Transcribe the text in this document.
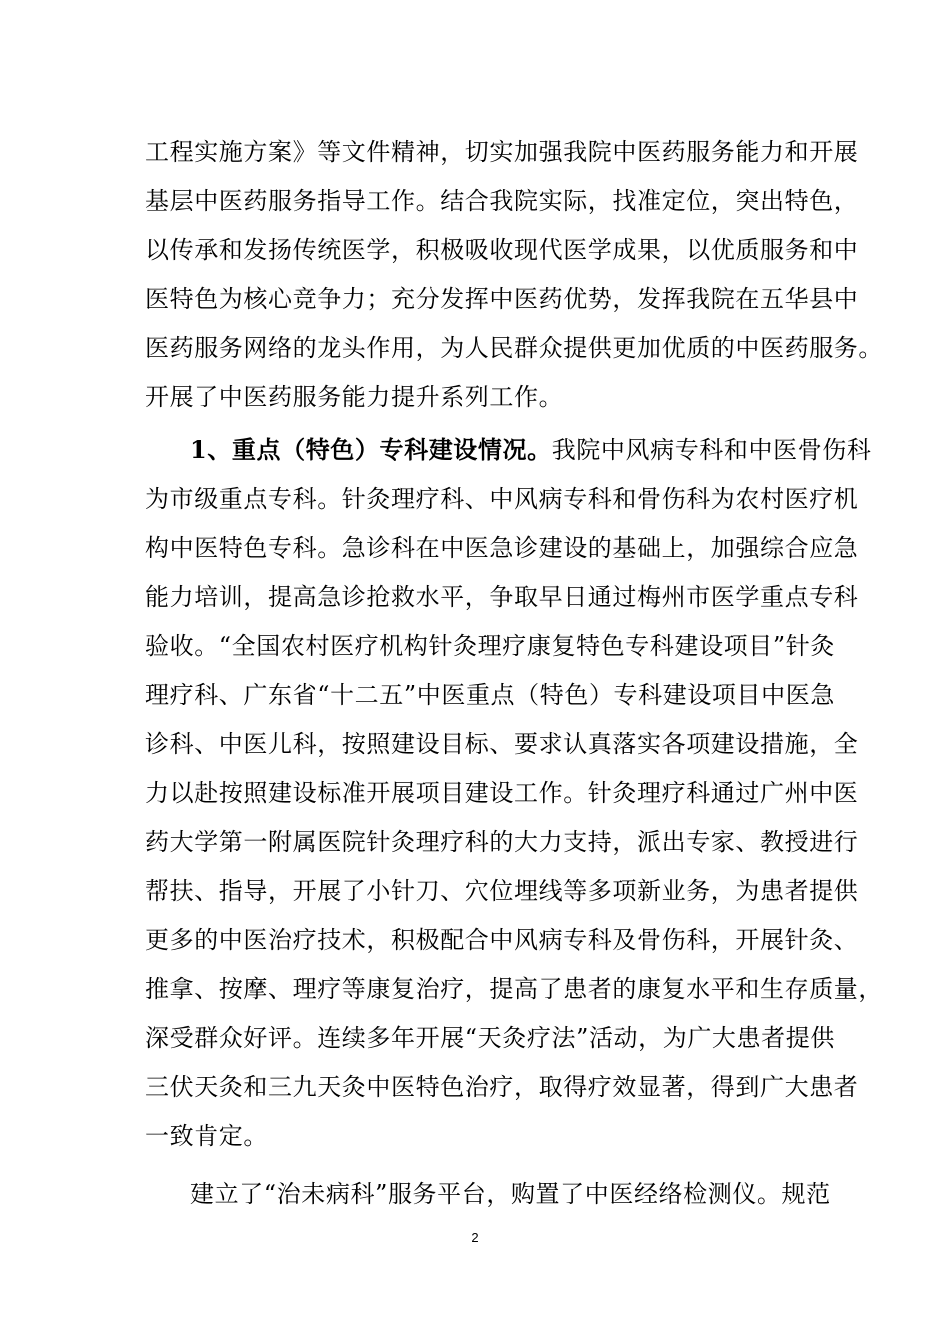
工程实施方案》等文件精神，切实加强我院中医药服务能力和开展
基层中医药服务指导工作。结合我院实际，找准定位，突出特色，
以传承和发扬传统医学，积极吸收现代医学成果，以优质服务和中
医特色为核心竞争力；充分发挥中医药优势，发挥我院在五华县中
医药服务网络的龙头作用，为人民群众提供更加优质的中医药服务。
开展了中医药服务能力提升系列工作。
1、重点（特色）专科建设情况。我院中风病专科和中医骨伤科
为市级重点专科。针灸理疗科、中风病专科和骨伤科为农村医疗机
构中医特色专科。急诊科在中医急诊建设的基础上，加强综合应急
能力培训，提高急诊抢救水平，争取早日通过梅州市医学重点专科
验收。“全国农村医疗机构针灸理疗康复特色专科建设项目”针灸
理疗科、广东省“十二五”中医重点（特色）专科建设项目中医急
诊科、中医儿科，按照建设目标、要求认真落实各项建设措施，全
力以赴按照建设标准开展项目建设工作。针灸理疗科通过广州中医
药大学第一附属医院针灸理疗科的大力支持，派出专家、教授进行
帮扶、指导，开展了小针刀、穴位埋线等多项新业务，为患者提供
更多的中医治疗技术，积极配合中风病专科及骨伤科，开展针灸、
推拿、按摩、理疗等康复治疗，提高了患者的康复水平和生存质量，
深受群众好评。连续多年开展“天灸疗法”活动，为广大患者提供
三伏天灸和三九天灸中医特色治疗，取得疗效显著，得到广大患者
一致肯定。
建立了“治未病科”服务平台，购置了中医经络检测仪。规范
2
